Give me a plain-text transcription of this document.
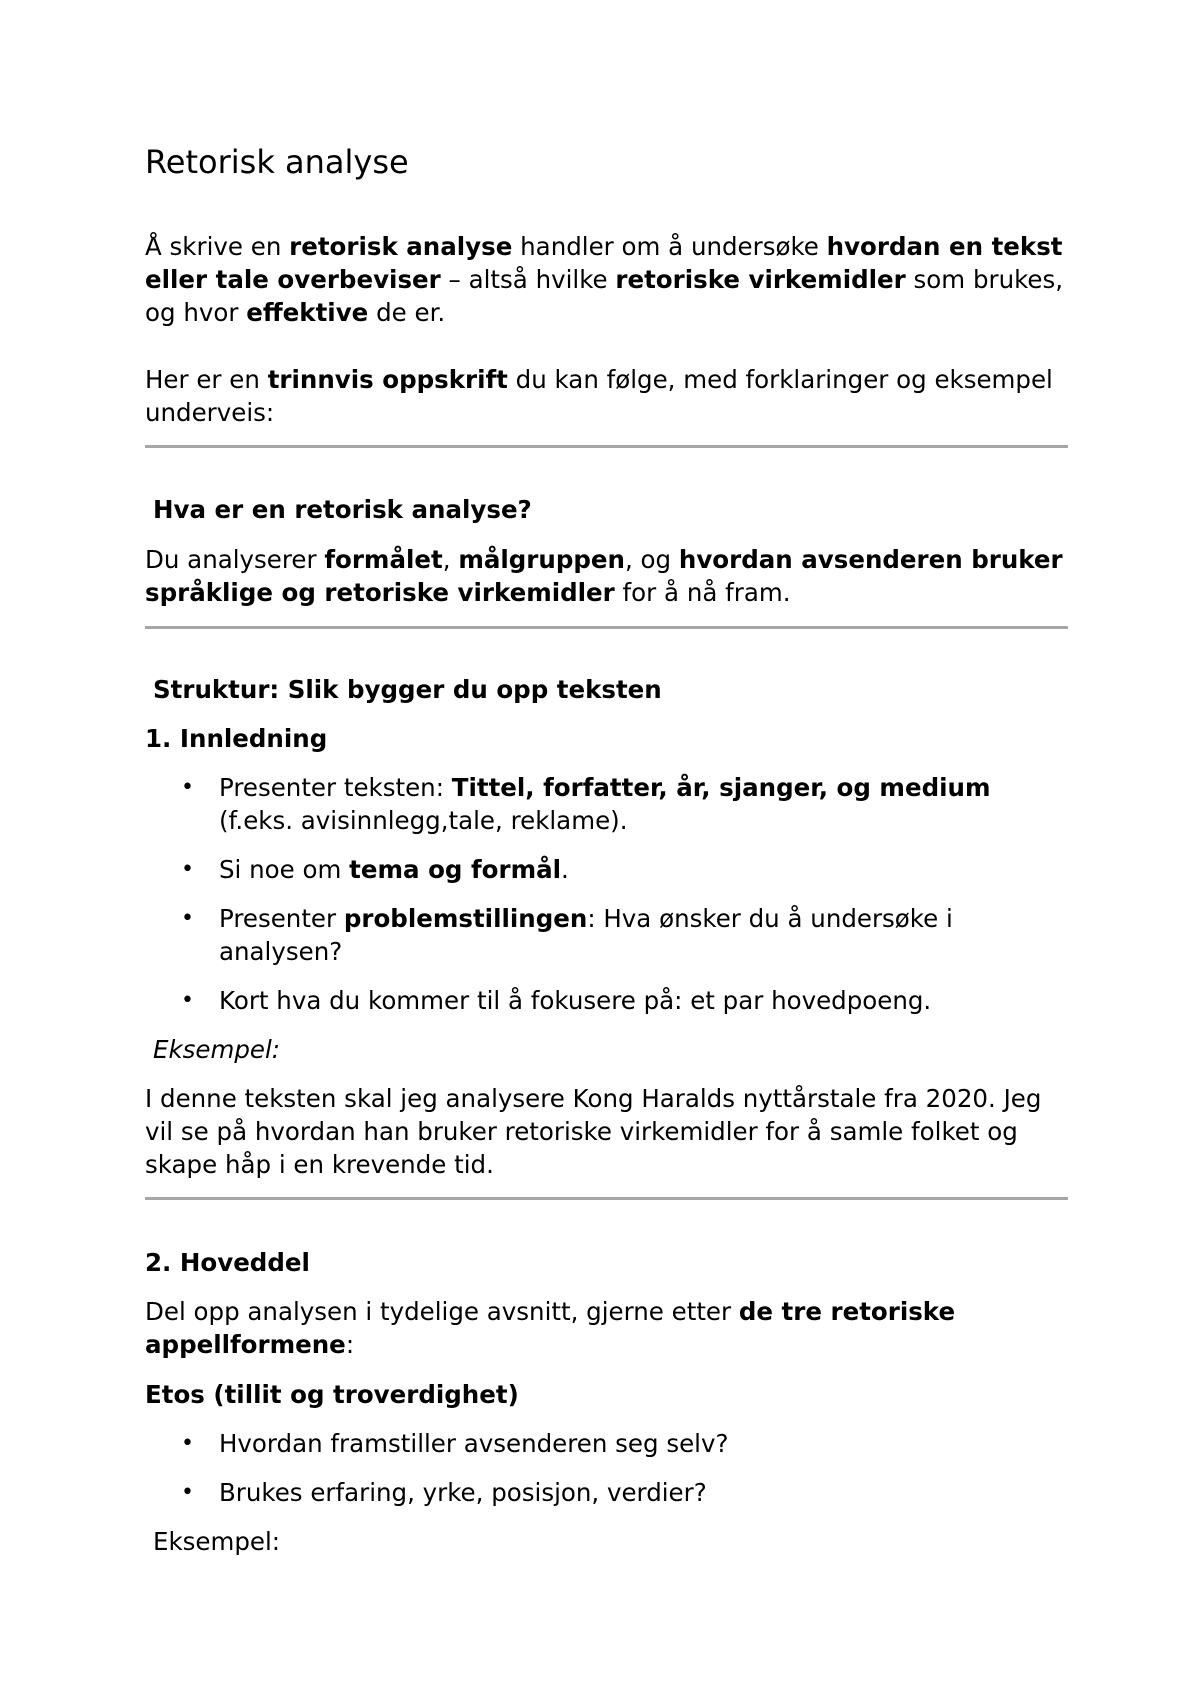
Retorisk analyse

Å skrive en retorisk analyse handler om å undersøke hvordan en tekst eller tale overbeviser – altså hvilke retoriske virkemidler som brukes, og hvor effektive de er.

Her er en trinnvis oppskrift du kan følge, med forklaringer og eksempel underveis:

Hva er en retorisk analyse?

Du analyserer formålet, målgruppen, og hvordan avsenderen bruker språklige og retoriske virkemidler for å nå fram.

Struktur: Slik bygger du opp teksten

1. Innledning

• Presenter teksten: Tittel, forfatter, år, sjanger, og medium (f.eks. avisinnlegg,tale, reklame).
• Si noe om tema og formål.
• Presenter problemstillingen: Hva ønsker du å undersøke i analysen?
• Kort hva du kommer til å fokusere på: et par hovedpoeng.

Eksempel:

I denne teksten skal jeg analysere Kong Haralds nyttårstale fra 2020. Jeg vil se på hvordan han bruker retoriske virkemidler for å samle folket og skape håp i en krevende tid.

2. Hoveddel

Del opp analysen i tydelige avsnitt, gjerne etter de tre retoriske appellformene:

Etos (tillit og troverdighet)

• Hvordan framstiller avsenderen seg selv?
• Brukes erfaring, yrke, posisjon, verdier?

Eksempel:
